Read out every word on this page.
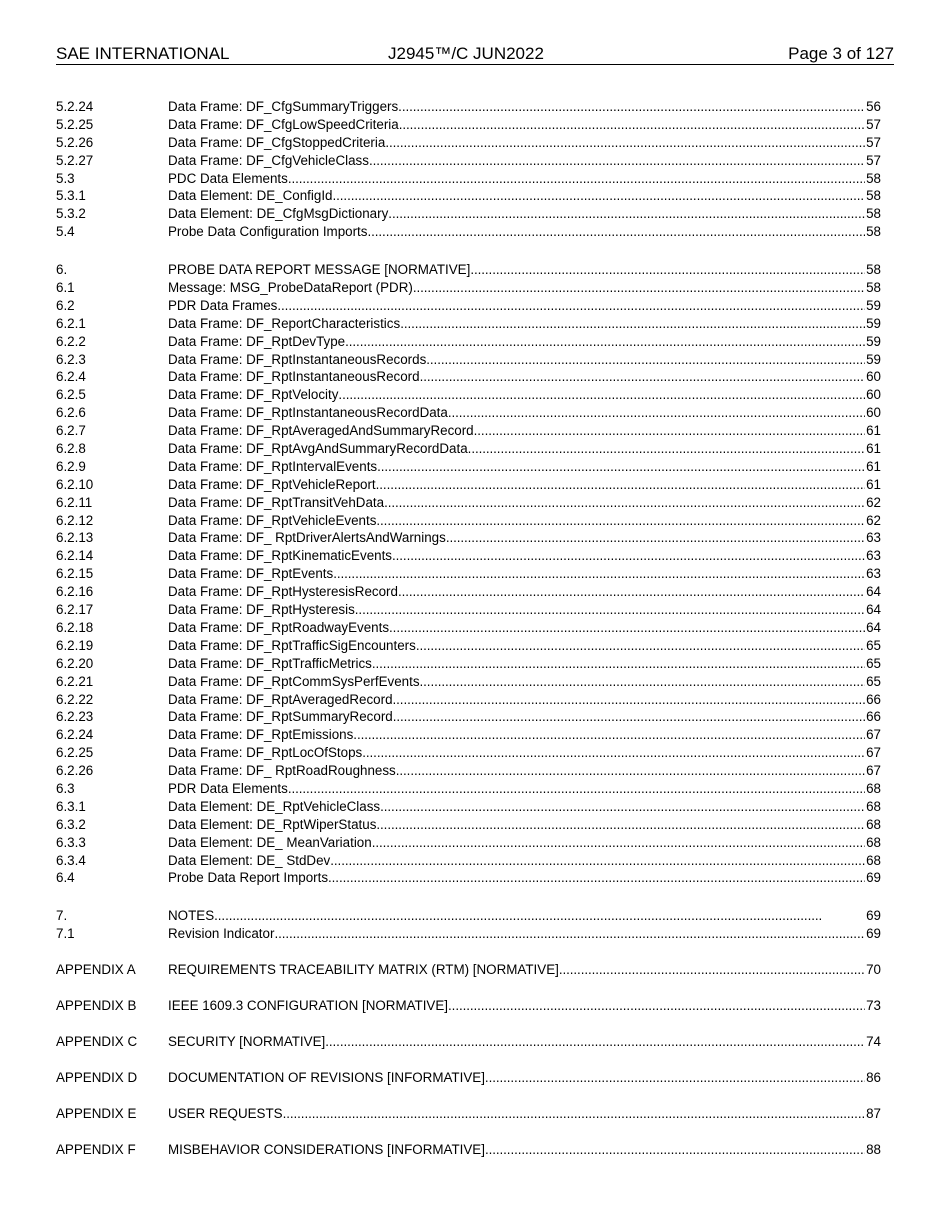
SAE INTERNATIONAL	J2945™/C JUN2022	Page 3 of 127
5.2.24	Data Frame: DF_CfgSummaryTriggers . . .	56
5.2.25	Data Frame: DF_CfgLowSpeedCriteria . . .	57
5.2.26	Data Frame: DF_CfgStoppedCriteria . . .	57
5.2.27	Data Frame: DF_CfgVehicleClass . . .	57
5.3	PDC Data Elements . . .	58
5.3.1	Data Element: DE_ConfigId . . .	58
5.3.2	Data Element: DE_CfgMsgDictionary . . .	58
5.4	Probe Data Configuration Imports . . .	58
6.	PROBE DATA REPORT MESSAGE [NORMATIVE] . . .	58
6.1	Message: MSG_ProbeDataReport (PDR) . . .	58
6.2	PDR Data Frames . . .	59
6.2.1	Data Frame: DF_ReportCharacteristics . . .	59
6.2.2	Data Frame: DF_RptDevType . . .	59
6.2.3	Data Frame: DF_RptInstantaneousRecords . . .	59
6.2.4	Data Frame: DF_RptInstantaneousRecord . . .	60
6.2.5	Data Frame: DF_RptVelocity . . .	60
6.2.6	Data Frame: DF_RptInstantaneousRecordData . . .	60
6.2.7	Data Frame: DF_RptAveragedAndSummaryRecord . . .	61
6.2.8	Data Frame: DF_RptAvgAndSummaryRecordData . . .	61
6.2.9	Data Frame: DF_RptIntervalEvents . . .	61
6.2.10	Data Frame: DF_RptVehicleReport . . .	61
6.2.11	Data Frame: DF_RptTransitVehData . . .	62
6.2.12	Data Frame: DF_RptVehicleEvents . . .	62
6.2.13	Data Frame: DF_ RptDriverAlertsAndWarnings . . .	63
6.2.14	Data Frame: DF_RptKinematicEvents . . .	63
6.2.15	Data Frame: DF_RptEvents . . .	63
6.2.16	Data Frame: DF_RptHysteresisRecord . . .	64
6.2.17	Data Frame: DF_RptHysteresis . . .	64
6.2.18	Data Frame: DF_RptRoadwayEvents . . .	64
6.2.19	Data Frame: DF_RptTrafficSigEncounters . . .	65
6.2.20	Data Frame: DF_RptTrafficMetrics . . .	65
6.2.21	Data Frame: DF_RptCommSysPerfEvents . . .	65
6.2.22	Data Frame: DF_RptAveragedRecord . . .	66
6.2.23	Data Frame: DF_RptSummaryRecord . . .	66
6.2.24	Data Frame: DF_RptEmissions . . .	67
6.2.25	Data Frame: DF_RptLocOfStops . . .	67
6.2.26	Data Frame: DF_ RptRoadRoughness . . .	67
6.3	PDR Data Elements . . .	68
6.3.1	Data Element: DE_RptVehicleClass . . .	68
6.3.2	Data Element: DE_RptWiperStatus . . .	68
6.3.3	Data Element: DE_ MeanVariation . . .	68
6.3.4	Data Element: DE_ StdDev . . .	68
6.4	Probe Data Report Imports . . .	69
7.	NOTES . . .	69
7.1	Revision Indicator . . .	69
APPENDIX A REQUIREMENTS TRACEABILITY MATRIX (RTM) [NORMATIVE] . . .	70
APPENDIX B IEEE 1609.3 CONFIGURATION [NORMATIVE] . . .	73
APPENDIX C SECURITY [NORMATIVE] . . .	74
APPENDIX D DOCUMENTATION OF REVISIONS [INFORMATIVE] . . .	86
APPENDIX E USER REQUESTS . . .	87
APPENDIX F MISBEHAVIOR CONSIDERATIONS [INFORMATIVE] . . .	88
